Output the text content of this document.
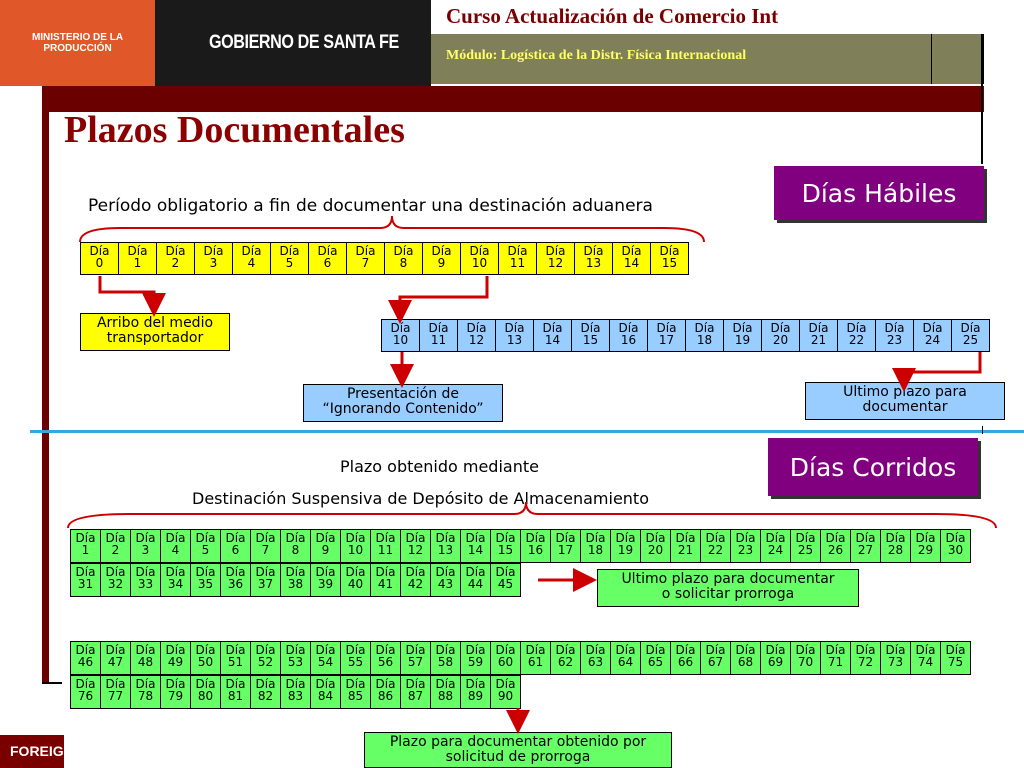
MINISTERIO DE LA PRODUCCIÓN	GOBIERNO DE SANTA FE
Curso Actualización de Comercio Int
Módulo: Logística de la Distr. Física Internacional
Plazos Documentales
FOREIGN
Días Hábiles
Período obligatorio a fin de documentar una destinación aduanera
Día
0
Día
1
Día
2
Día
3
Día
4
Día
5
Día
6
Día
7
Día
8
Día
9
Día
10
Día
11
Día
12
Día
13
Día
14
Día
15
Día
10
Día
11
Día
12
Día
13
Día
14
Día
15
Día
16
Día
17
Día
18
Día
19
Día
20
Día
21
Día
22
Día
23
Día
24
Día
25
Arribo del medio
transportador
Presentación de
“Ignorando Contenido”
Ultimo plazo para
documentar
Días Corridos
Plazo obtenido mediante
Destinación Suspensiva de Depósito de Almacenamiento
Día
1
Día
2
Día
3
Día
4
Día
5
Día
6
Día
7
Día
8
Día
9
Día
10
Día
11
Día
12
Día
13
Día
14
Día
15
Día
16
Día
17
Día
18
Día
19
Día
20
Día
21
Día
22
Día
23
Día
24
Día
25
Día
26
Día
27
Día
28
Día
29
Día
30
Día
31
Día
32
Día
33
Día
34
Día
35
Día
36
Día
37
Día
38
Día
39
Día
40
Día
41
Día
42
Día
43
Día
44
Día
45
Día
46
Día
47
Día
48
Día
49
Día
50
Día
51
Día
52
Día
53
Día
54
Día
55
Día
56
Día
57
Día
58
Día
59
Día
60
Día
61
Día
62
Día
63
Día
64
Día
65
Día
66
Día
67
Día
68
Día
69
Día
70
Día
71
Día
72
Día
73
Día
74
Día
75
Día
76
Día
77
Día
78
Día
79
Día
80
Día
81
Día
82
Día
83
Día
84
Día
85
Día
86
Día
87
Día
88
Día
89
Día
90
Ultimo plazo para documentar
o solicitar prorroga
Plazo para documentar obtenido por
solicitud de prorroga
